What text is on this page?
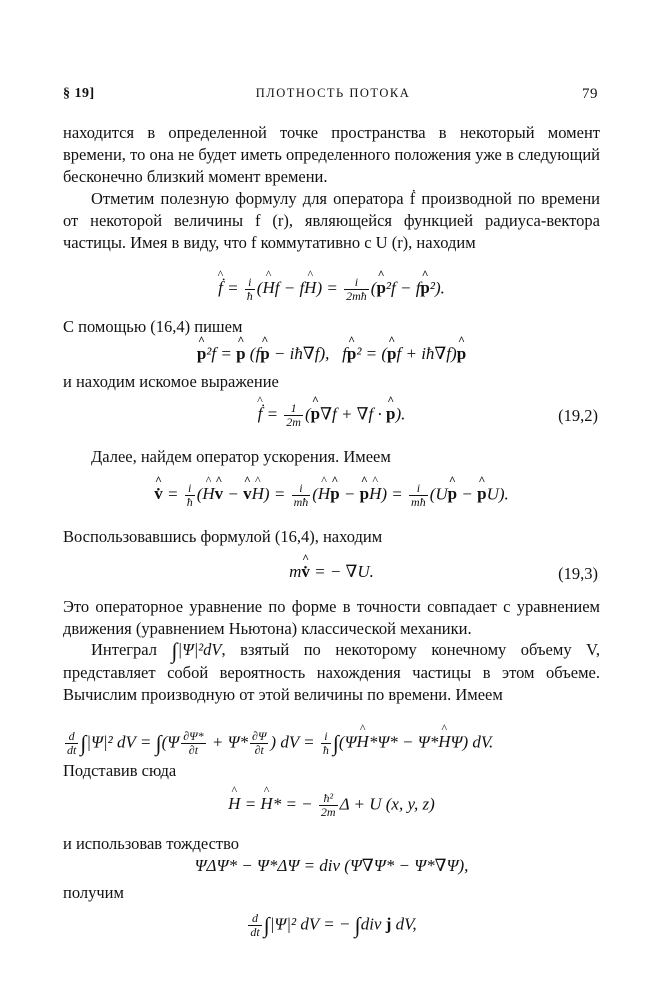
§ 19]	ПЛОТНОСТЬ ПОТОКА	79

находится в определенной точке пространства в некоторый момент времени, то она не будет иметь определенного положения уже в следующий бесконечно близкий момент времени.

Отметим полезную формулу для оператора ḟ производной по времени от некоторой величины f (r), являющейся функцией радиуса-вектора частицы. Имея в виду, что f коммутативно с U (r), находим

^ ḟ = $\frac{i}{ħ}$ (^ Hf − f^ $H) = \frac{i}{2mħ}$ (^ p²f − f^ p²).

С помощью (16,4) пишем

^ p²f = ^ p (f^ p − iħ∇f),   f^ p² = (^ pf + iħ∇f)^ p

и находим искомое выражение

^ ḟ = $\frac{1}{2m}$ (^ p∇f + ∇f · ^ p).	(19,2)

Далее, найдем оператор ускорения. Имеем

^ v̇ = $\frac{i}{ħ}$ (^ H^ v − ^ v^ $H) = \frac{i}{mħ}$ (^ H^ p − ^ p^ $H) = \frac{i}{mħ}$ (U^ p − ^ pU).

Воспользовавшись формулой (16,4), находим

m^ v̇ = − ∇U.	(19,3)

Это операторное уравнение по форме в точности совпадает с уравнением движения (уравнением Ньютона) классической механики.

Интеграл ∫|Ψ|²dV, взятый по некоторому конечному объему V, представляет собой вероятность нахождения частицы в этом объеме. Вычислим производную от этой величины по времени. Имеем

$\frac{d}{dt} \int|\Psi|^2$ dV = $\int(\Psi \frac{\partial\Psi*}{\partial t} + \Psi* \frac{\partial\Psi}{\partial t}$ ) dV = $\frac{i}{ħ}$ ∫(Ψ^ H*Ψ* − Ψ*^ HΨ) dV.

Подставив сюда

^ H = ^ H* = − $\frac{\text{ħ²}}{2m}$ Δ + U (x, y, z)

и использовав тождество

ΨΔΨ* − Ψ*ΔΨ = div (Ψ∇Ψ* − Ψ*∇Ψ),

получим

$\frac{d}{dt} \int|\Psi|^2$ dV = − ∫div j dV,
